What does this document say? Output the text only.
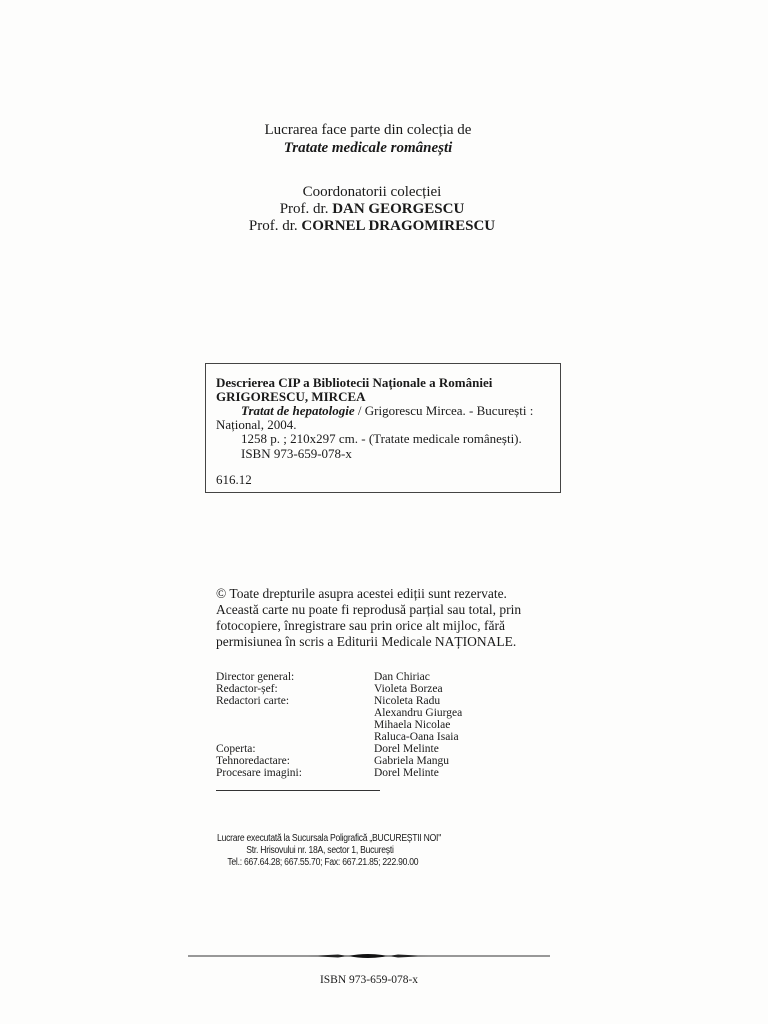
Lucrarea face parte din colecția de
Tratate medicale românești
Coordonatorii colecției
Prof. dr. DAN GEORGESCU
Prof. dr. CORNEL DRAGOMIRESCU
Descrierea CIP a Bibliotecii Naționale a României
GRIGORESCU, MIRCEA
Tratat de hepatologie / Grigorescu Mircea. - București :
Național, 2004.
1258 p. ; 210x297 cm. - (Tratate medicale românești).
ISBN 973-659-078-x
616.12
© Toate drepturile asupra acestei ediții sunt rezervate.
Această carte nu poate fi reprodusă parțial sau total, prin
fotocopiere, înregistrare sau prin orice alt mijloc, fără
permisiunea în scris a Editurii Medicale NAȚIONALE.
Director general:	Dan Chiriac
Redactor-șef:	Violeta Borzea
Redactori carte:	Nicoleta Radu
Alexandru Giurgea
Mihaela Nicolae
Raluca-Oana Isaia
Coperta:	Dorel Melinte
Tehnoredactare:	Gabriela Mangu
Procesare imagini:	Dorel Melinte
Lucrare executată la Sucursala Poligrafică „BUCUREȘTII NOI"
Str. Hrisovului nr. 18A, sector 1, București
Tel.: 667.64.28; 667.55.70; Fax: 667.21.85; 222.90.00
ISBN 973-659-078-x
